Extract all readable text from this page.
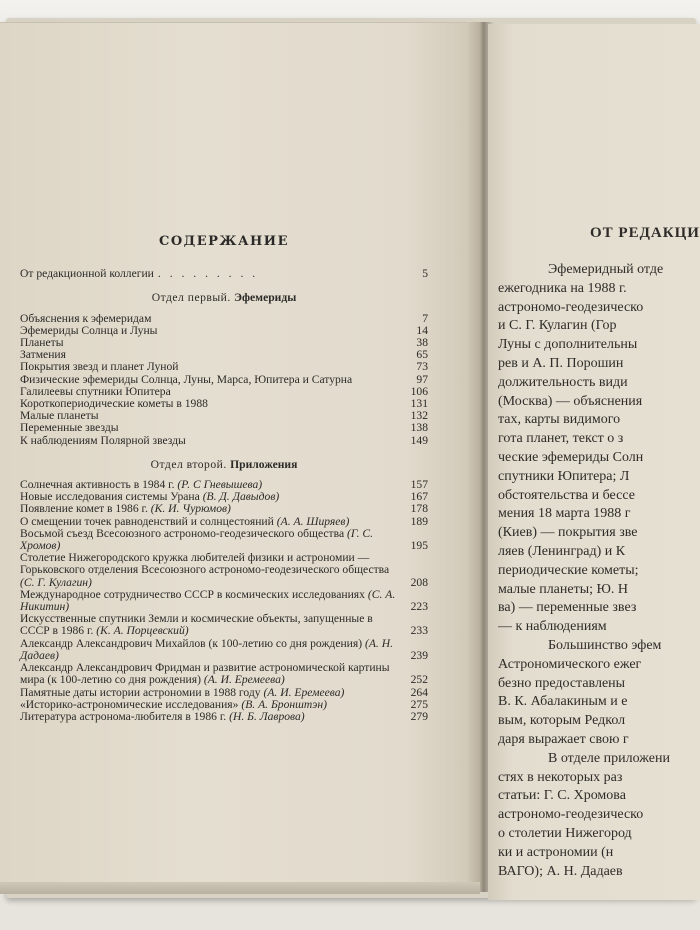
СОДЕРЖАНИЕ
От редакционной коллегии . . . . . . . . .	5
Отдел первый. Эфемериды
Объяснения к эфемеридам	7
Эфемериды Солнца и Луны	14
Планеты	38
Затмения	65
Покрытия звезд и планет Луной	73
Физические эфемериды Солнца, Луны, Марса, Юпитера и Сатурна	97
Галилеевы спутники Юпитера	106
Короткопериодические кометы в 1988	131
Малые планеты	132
Переменные звезды	138
К наблюдениям Полярной звезды	149
Отдел второй. Приложения
Солнечная активность в 1984 г. (Р. С Гневышева)	157
Новые исследования системы Урана (В. Д. Давыдов)	167
Появление комет в 1986 г. (К. И. Чурюмов)	178
О смещении точек равноденствий и солнцестояний (А. А. Ширяев)	189
Восьмой съезд Всесоюзного астрономо-геодезического общества (Г. С. Хромов)	195
Столетие Нижегородского кружка любителей физики и астрономии — Горьковского отделения Всесоюзного астрономо-геодезического общества (С. Г. Кулагин)	208
Международное сотрудничество СССР в космических исследованиях (С. А. Никитин)	223
Искусственные спутники Земли и космические объекты, запущенные в СССР в 1986 г. (К. А. Порцевский)	233
Александр Александрович Михайлов (к 100-летию со дня рождения) (А. Н. Дадаев)	239
Александр Александрович Фридман и развитие астрономической картины мира (к 100-летию со дня рождения) (А. И. Еремеева)	252
Памятные даты истории астрономии в 1988 году (А. И. Еремеева)	264
«Историко-астрономические исследования» (В. А. Бронштэн)	275
Литература астронома-любителя в 1986 г. (Н. Б. Лаврова)	279
ОТ РЕДАКЦИ
Эфемеридный отде
ежегодника на 1988 г.
астрономо-геодезическо
и С. Г. Кулагин (Гор
Луны с дополнительны
рев и А. П. Порошин
должительность види
(Москва) — объяснения
тах, карты видимого
гота планет, текст о з
ческие эфемериды Солн
спутники Юпитера; Л
обстоятельства и бессе
мения 18 марта 1988 г
(Киев) — покрытия зве
ляев (Ленинград) и К
периодические кометы;
малые планеты; Ю. Н
ва) — переменные звез
— к наблюдениям
Большинство эфем
Астрономического ежег
безно предоставлены
В. К. Абалакиным и е
вым, которым Редкол
даря выражает свою г
В отделе приложени
стях в некоторых раз
статьи: Г. С. Хромова
астрономо-геодезическо
о столетии Нижегород
ки и астрономии (н
ВАГО); А. Н. Дадаев
